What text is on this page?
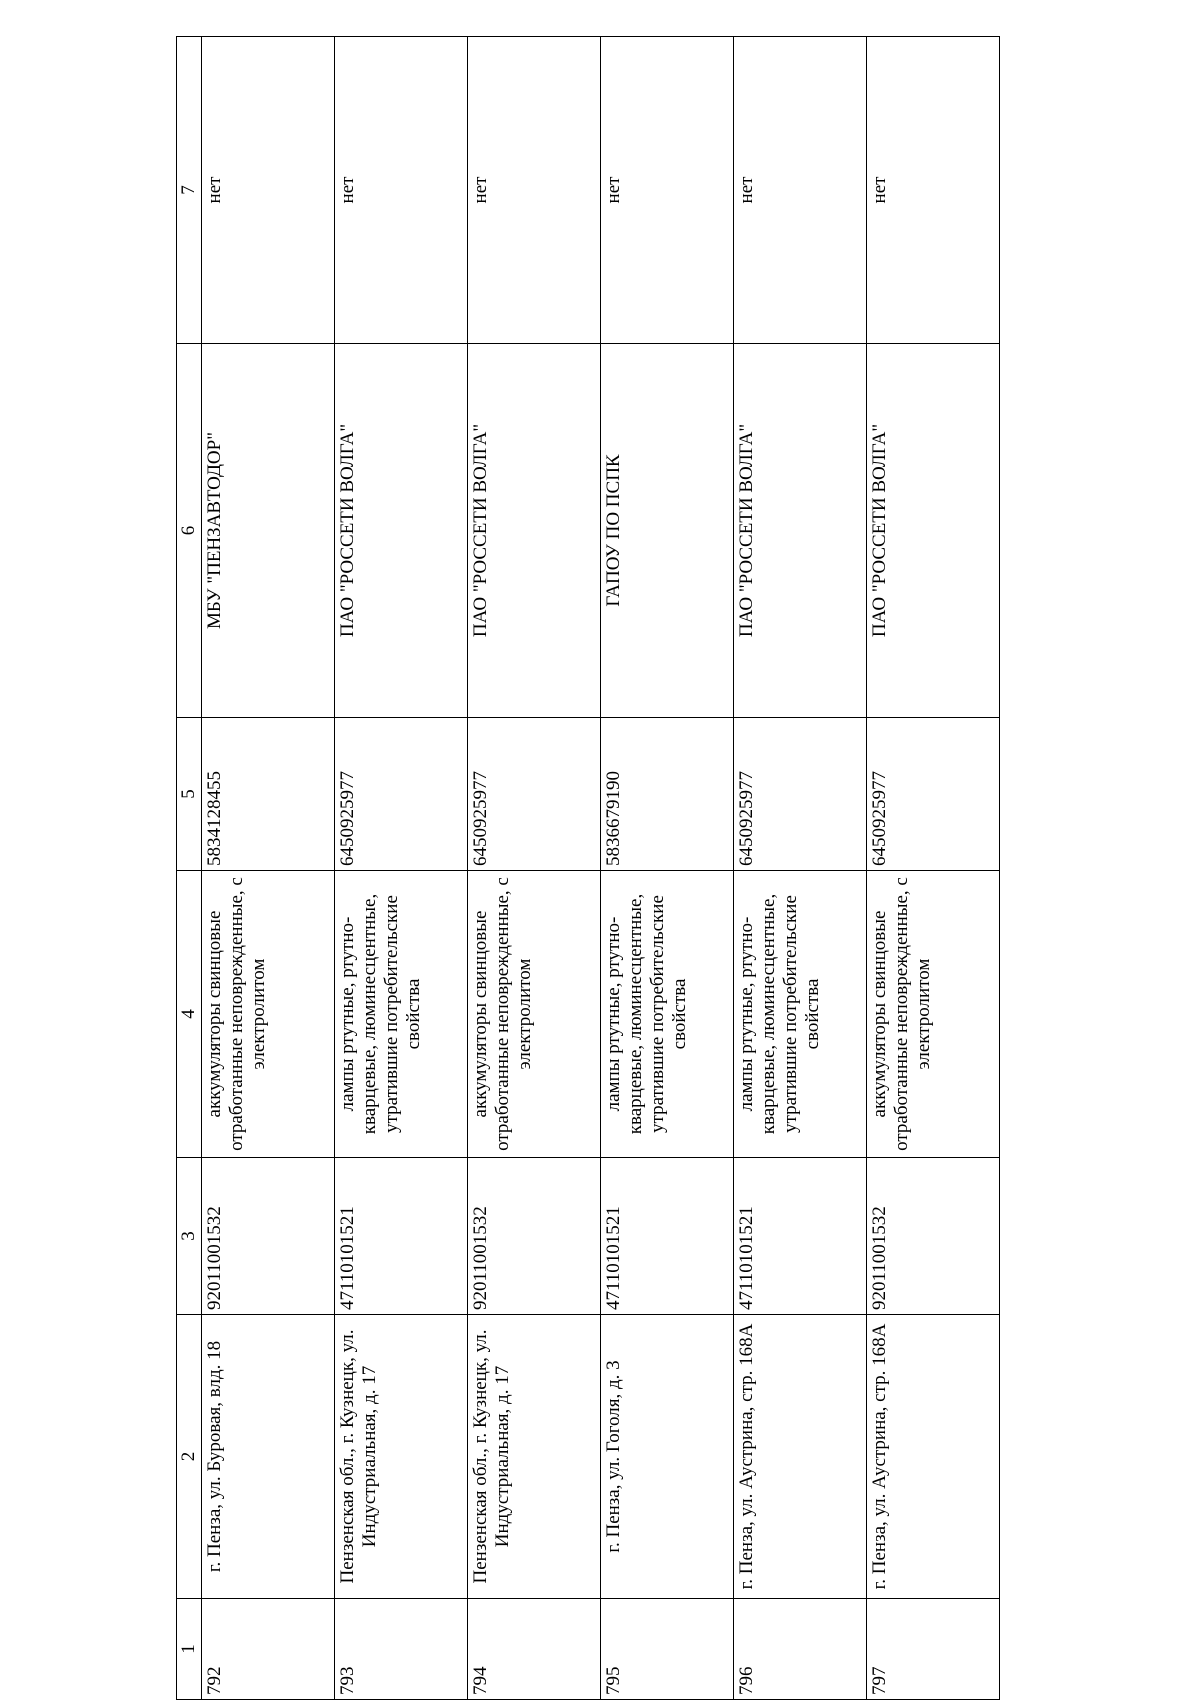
1	2	3	4	5	6	7
792	г. Пенза, ул. Буровая, влд. 18	92011001532	аккумуляторы свинцовые отработанные неповрежденные, с электролитом	5834128455	МБУ "ПЕНЗАВТОДОР"	нет
793	Пензенская обл., г. Кузнецк, ул. Индустриальная, д. 17	47110101521	лампы ртутные, ртутно-кварцевые, люминесцентные, утратившие потребительские свойства	6450925977	ПАО "РОССЕТИ ВОЛГА"	нет
794	Пензенская обл., г. Кузнецк, ул. Индустриальная, д. 17	92011001532	аккумуляторы свинцовые отработанные неповрежденные, с электролитом	6450925977	ПАО "РОССЕТИ ВОЛГА"	нет
795	г. Пенза, ул. Гоголя, д. 3	47110101521	лампы ртутные, ртутно-кварцевые, люминесцентные, утратившие потребительские свойства	5836679190	ГАПОУ ПО ПСПК	нет
796	г. Пенза, ул. Аустрина, стр. 168А	47110101521	лампы ртутные, ртутно-кварцевые, люминесцентные, утратившие потребительские свойства	6450925977	ПАО "РОССЕТИ ВОЛГА"	нет
797	г. Пенза, ул. Аустрина, стр. 168А	92011001532	аккумуляторы свинцовые отработанные неповрежденные, с электролитом	6450925977	ПАО "РОССЕТИ ВОЛГА"	нет
